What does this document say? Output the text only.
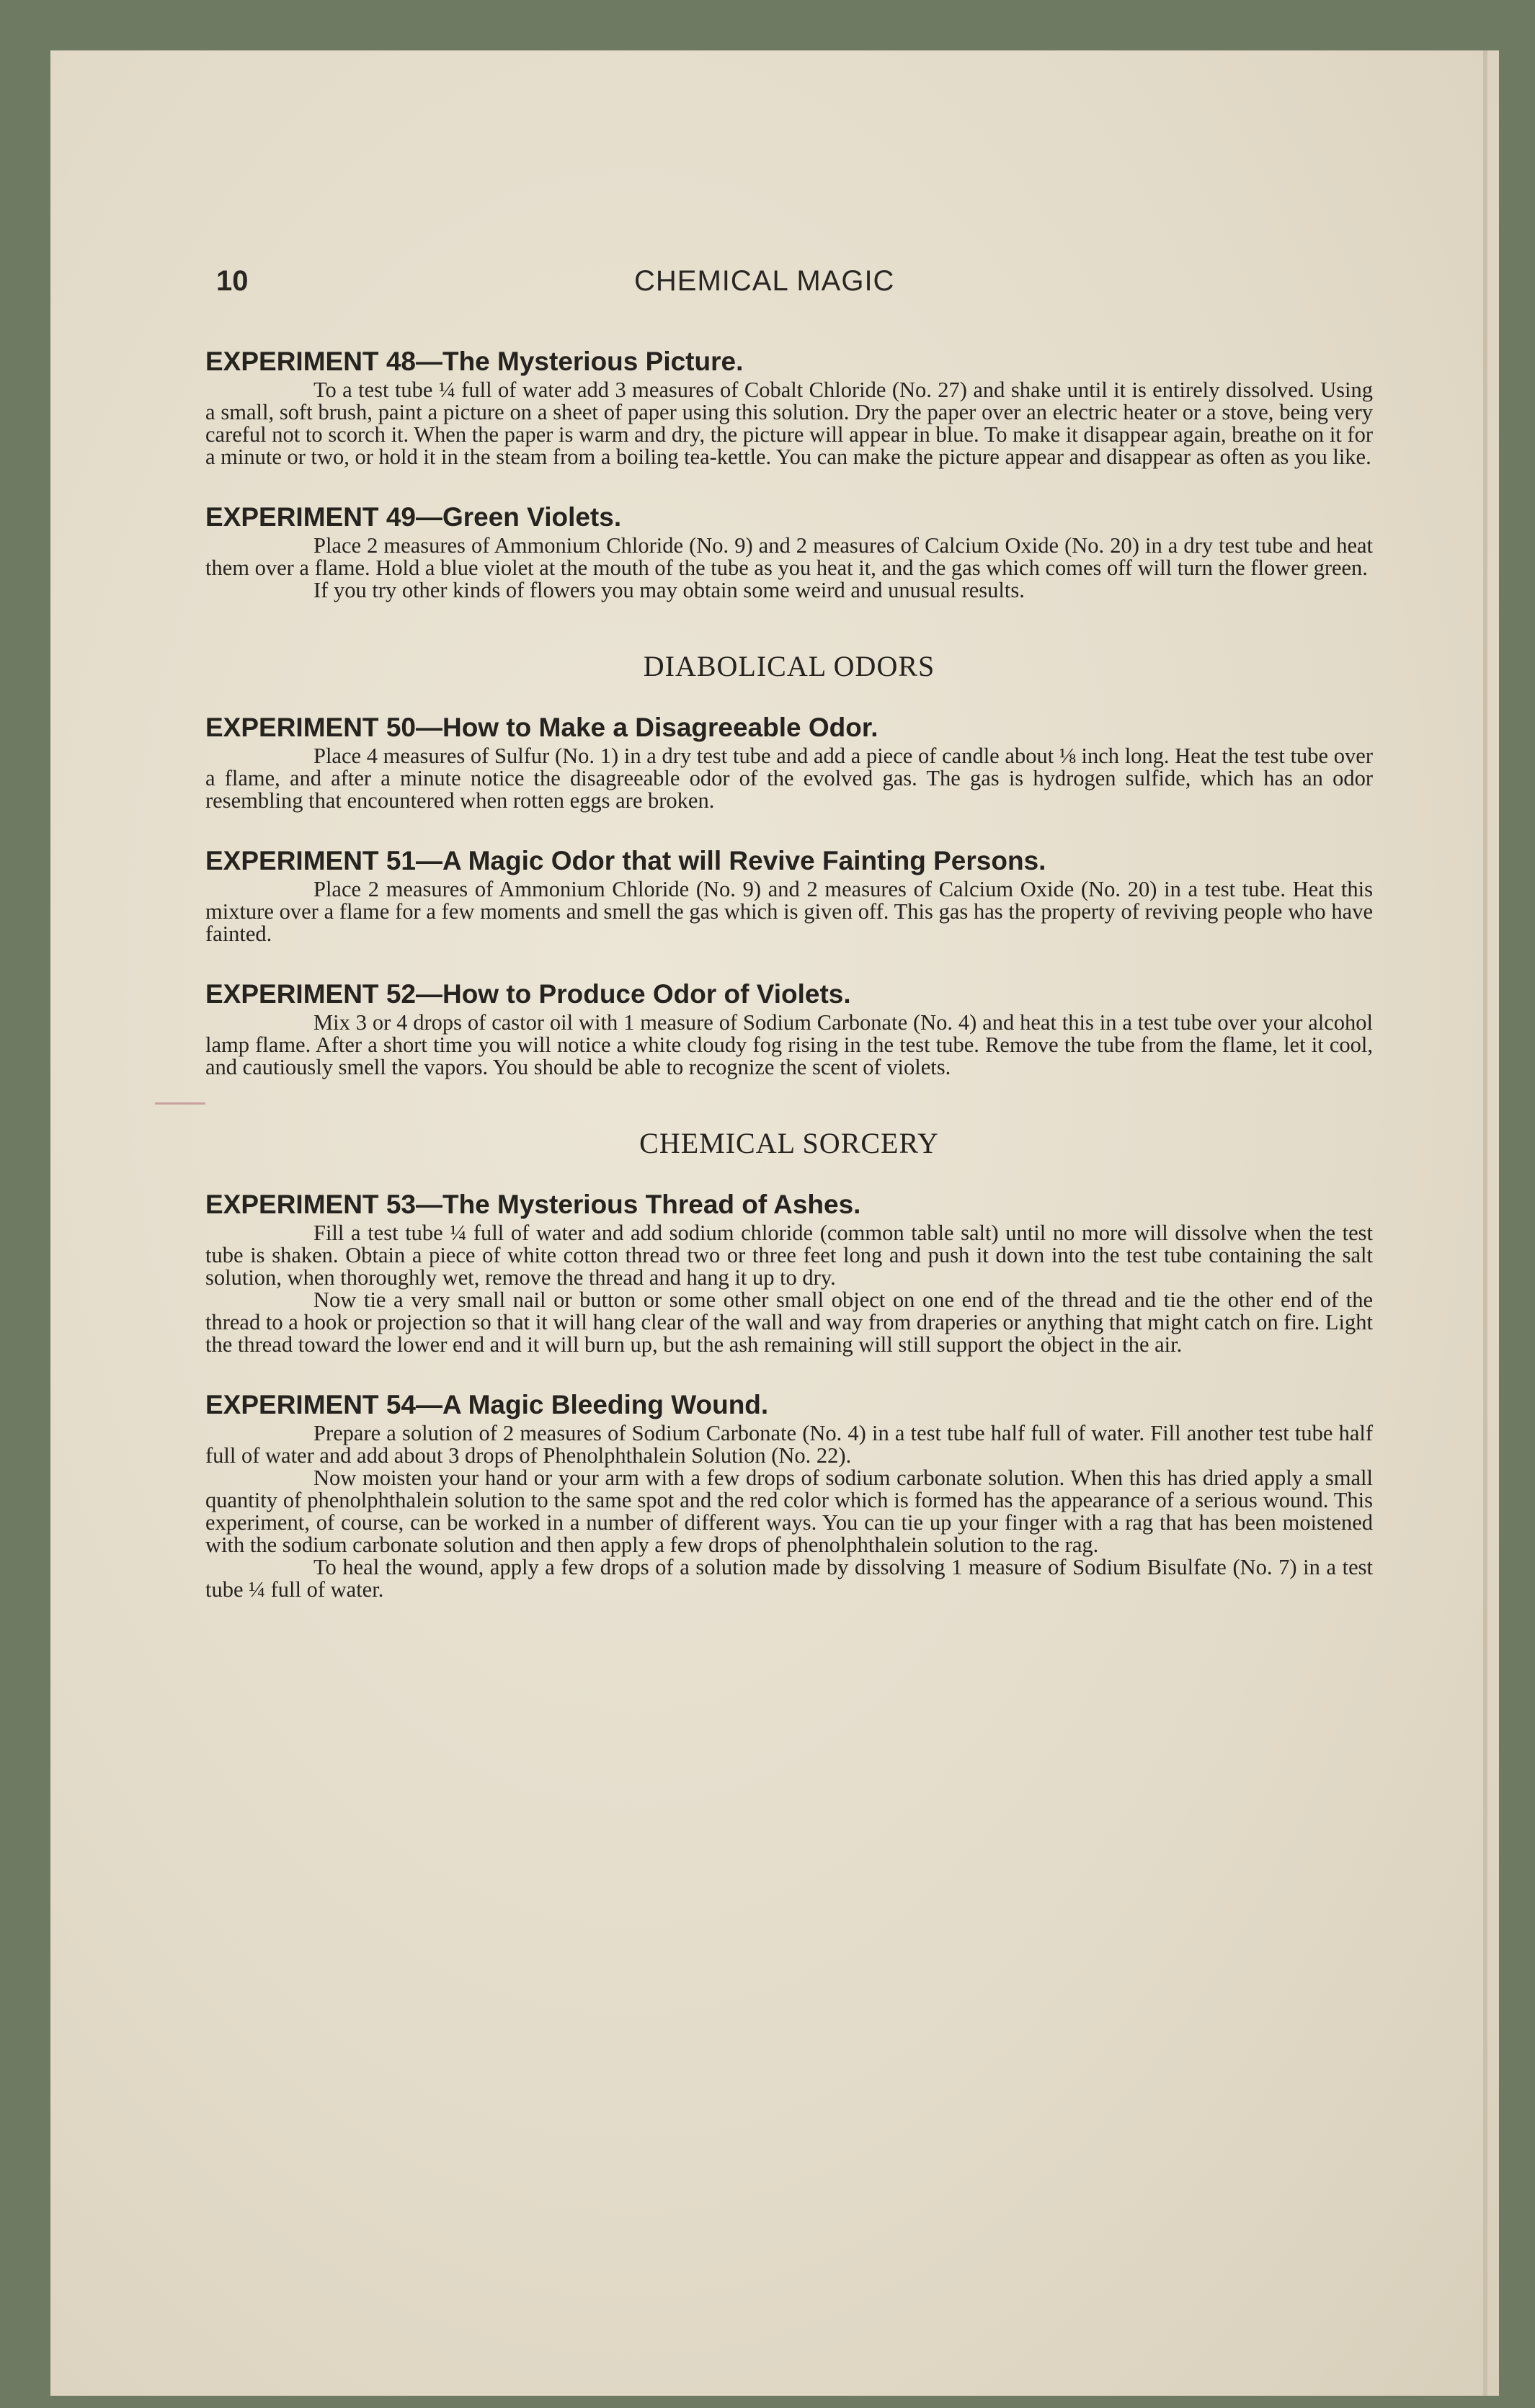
10	CHEMICAL MAGIC
EXPERIMENT 48—The Mysterious Picture.

To a test tube ¼ full of water add 3 measures of Cobalt Chloride (No. 27) and shake until it is entirely dissolved. Using a small, soft brush, paint a picture on a sheet of paper using this solution. Dry the paper over an electric heater or a stove, being very careful not to scorch it. When the paper is warm and dry, the picture will appear in blue. To make it disappear again, breathe on it for a minute or two, or hold it in the steam from a boiling tea-kettle. You can make the picture appear and disappear as often as you like.

EXPERIMENT 49—Green Violets.

Place 2 measures of Ammonium Chloride (No. 9) and 2 measures of Calcium Oxide (No. 20) in a dry test tube and heat them over a flame. Hold a blue violet at the mouth of the tube as you heat it, and the gas which comes off will turn the flower green.

If you try other kinds of flowers you may obtain some weird and unusual results.

DIABOLICAL ODORS
EXPERIMENT 50—How to Make a Disagreeable Odor.

Place 4 measures of Sulfur (No. 1) in a dry test tube and add a piece of candle about ⅛ inch long. Heat the test tube over a flame, and after a minute notice the disagreeable odor of the evolved gas. The gas is hydrogen sulfide, which has an odor resembling that encountered when rotten eggs are broken.

EXPERIMENT 51—A Magic Odor that will Revive Fainting Persons.

Place 2 measures of Ammonium Chloride (No. 9) and 2 measures of Calcium Oxide (No. 20) in a test tube. Heat this mixture over a flame for a few moments and smell the gas which is given off. This gas has the property of reviving people who have fainted.

EXPERIMENT 52—How to Produce Odor of Violets.

Mix 3 or 4 drops of castor oil with 1 measure of Sodium Carbonate (No. 4) and heat this in a test tube over your alcohol lamp flame. After a short time you will notice a white cloudy fog rising in the test tube. Remove the tube from the flame, let it cool, and cautiously smell the vapors. You should be able to recognize the scent of violets.

CHEMICAL SORCERY
EXPERIMENT 53—The Mysterious Thread of Ashes.

Fill a test tube ¼ full of water and add sodium chloride (common table salt) until no more will dissolve when the test tube is shaken. Obtain a piece of white cotton thread two or three feet long and push it down into the test tube containing the salt solution, when thoroughly wet, remove the thread and hang it up to dry.

Now tie a very small nail or button or some other small object on one end of the thread and tie the other end of the thread to a hook or projection so that it will hang clear of the wall and way from draperies or anything that might catch on fire. Light the thread toward the lower end and it will burn up, but the ash remaining will still support the object in the air.

EXPERIMENT 54—A Magic Bleeding Wound.

Prepare a solution of 2 measures of Sodium Carbonate (No. 4) in a test tube half full of water. Fill another test tube half full of water and add about 3 drops of Phenolphthalein Solution (No. 22).

Now moisten your hand or your arm with a few drops of sodium carbonate solution. When this has dried apply a small quantity of phenolphthalein solution to the same spot and the red color which is formed has the appearance of a serious wound. This experiment, of course, can be worked in a number of different ways. You can tie up your finger with a rag that has been moistened with the sodium carbonate solution and then apply a few drops of phenolphthalein solution to the rag.

To heal the wound, apply a few drops of a solution made by dissolving 1 measure of Sodium Bisulfate (No. 7) in a test tube ¼ full of water.
